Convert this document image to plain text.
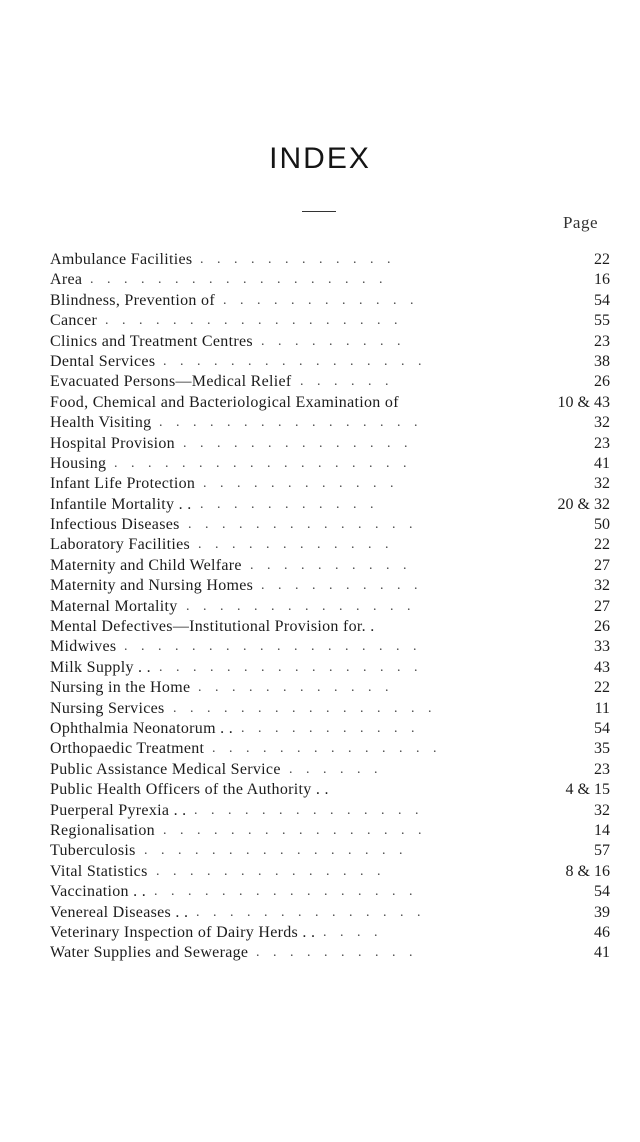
INDEX
Page
Ambulance Facilities . . . . . . . . . . . .	22
Area . . . . . . . . . . . . . . . . . .	16
Blindness, Prevention of . . . . . . . . . . . .	54
Cancer . . . . . . . . . . . . . . . . . .	55
Clinics and Treatment Centres . . . . . . . . .	23
Dental Services . . . . . . . . . . . . . . . .	38
Evacuated Persons—Medical Relief . . . . . .	26
Food, Chemical and Bacteriological Examination of	10 & 43
Health Visiting . . . . . . . . . . . . . . . .	32
Hospital Provision . . . . . . . . . . . . . .	23
Housing . . . . . . . . . . . . . . . . . .	41
Infant Life Protection . . . . . . . . . . . .	32
Infantile Mortality . . . . . . . . . . . . .	20 & 32
Infectious Diseases . . . . . . . . . . . . . .	50
Laboratory Facilities . . . . . . . . . . . .	22
Maternity and Child Welfare . . . . . . . . . .	27
Maternity and Nursing Homes . . . . . . . . . .	32
Maternal Mortality . . . . . . . . . . . . . .	27
Mental Defectives—Institutional Provision for. .	26
Midwives . . . . . . . . . . . . . . . . . .	33
Milk Supply . . . . . . . . . . . . . . . . . .	43
Nursing in the Home . . . . . . . . . . . .	22
Nursing Services . . . . . . . . . . . . . . . .	11
Ophthalmia Neonatorum . . . . . . . . . . . . .	54
Orthopaedic Treatment . . . . . . . . . . . . . .	35
Public Assistance Medical Service . . . . . .	23
Public Health Officers of the Authority . .	4 & 15
Puerperal Pyrexia . . . . . . . . . . . . . . . .	32
Regionalisation . . . . . . . . . . . . . . . .	14
Tuberculosis . . . . . . . . . . . . . . . .	57
Vital Statistics . . . . . . . . . . . . . .	8 & 16
Vaccination . . . . . . . . . . . . . . . . . .	54
Venereal Diseases . . . . . . . . . . . . . . . .	39
Veterinary Inspection of Dairy Herds . . . . . .	46
Water Supplies and Sewerage . . . . . . . . . .	41
